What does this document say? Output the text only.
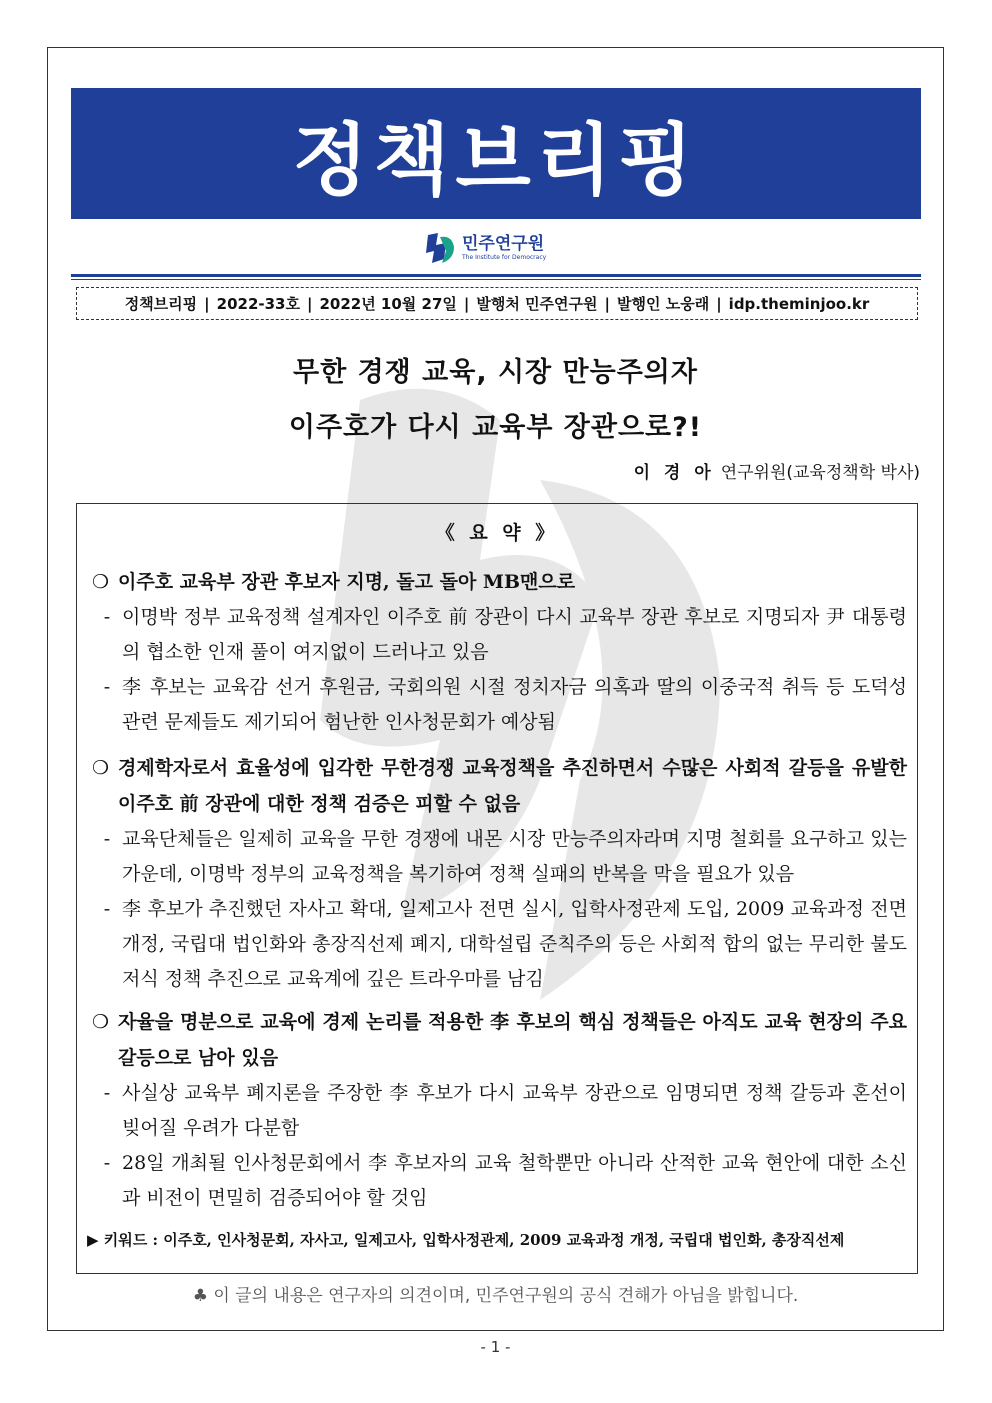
정책브리핑
민주연구원
The Institute for Democracy
정책브리핑 | 2022-33호 | 2022년 10월 27일 | 발행처 민주연구원 | 발행인 노웅래 | idp.theminjoo.kr
무한 경쟁 교육, 시장 만능주의자
이주호가 다시 교육부 장관으로?!
이 경 아 연구위원(교육정책학 박사)
《 요 약 》
❍ 이주호 교육부 장관 후보자 지명, 돌고 돌아 MB맨으로
- 이명박 정부 교육정책 설계자인 이주호 前 장관이 다시 교육부 장관 후보로 지명되자 尹 대통령의 협소한 인재 풀이 여지없이 드러나고 있음
- 李 후보는 교육감 선거 후원금, 국회의원 시절 정치자금 의혹과 딸의 이중국적 취득 등 도덕성 관련 문제들도 제기되어 험난한 인사청문회가 예상됨
❍ 경제학자로서 효율성에 입각한 무한경쟁 교육정책을 추진하면서 수많은 사회적 갈등을 유발한 이주호 前 장관에 대한 정책 검증은 피할 수 없음
- 교육단체들은 일제히 교육을 무한 경쟁에 내몬 시장 만능주의자라며 지명 철회를 요구하고 있는 가운데, 이명박 정부의 교육정책을 복기하여 정책 실패의 반복을 막을 필요가 있음
- 李 후보가 추진했던 자사고 확대, 일제고사 전면 실시, 입학사정관제 도입, 2009 교육과정 전면 개정, 국립대 법인화와 총장직선제 폐지, 대학설립 준칙주의 등은 사회적 합의 없는 무리한 불도저식 정책 추진으로 교육계에 깊은 트라우마를 남김
❍ 자율을 명분으로 교육에 경제 논리를 적용한 李 후보의 핵심 정책들은 아직도 교육 현장의 주요 갈등으로 남아 있음
- 사실상 교육부 폐지론을 주장한 李 후보가 다시 교육부 장관으로 임명되면 정책 갈등과 혼선이 빚어질 우려가 다분함
- 28일 개최될 인사청문회에서 李 후보자의 교육 철학뿐만 아니라 산적한 교육 현안에 대한 소신과 비전이 면밀히 검증되어야 할 것임
▶ 키워드 : 이주호, 인사청문회, 자사고, 일제고사, 입학사정관제, 2009 교육과정 개정, 국립대 법인화, 총장직선제
♣ 이 글의 내용은 연구자의 의견이며, 민주연구원의 공식 견해가 아님을 밝힙니다.
- 1 -
